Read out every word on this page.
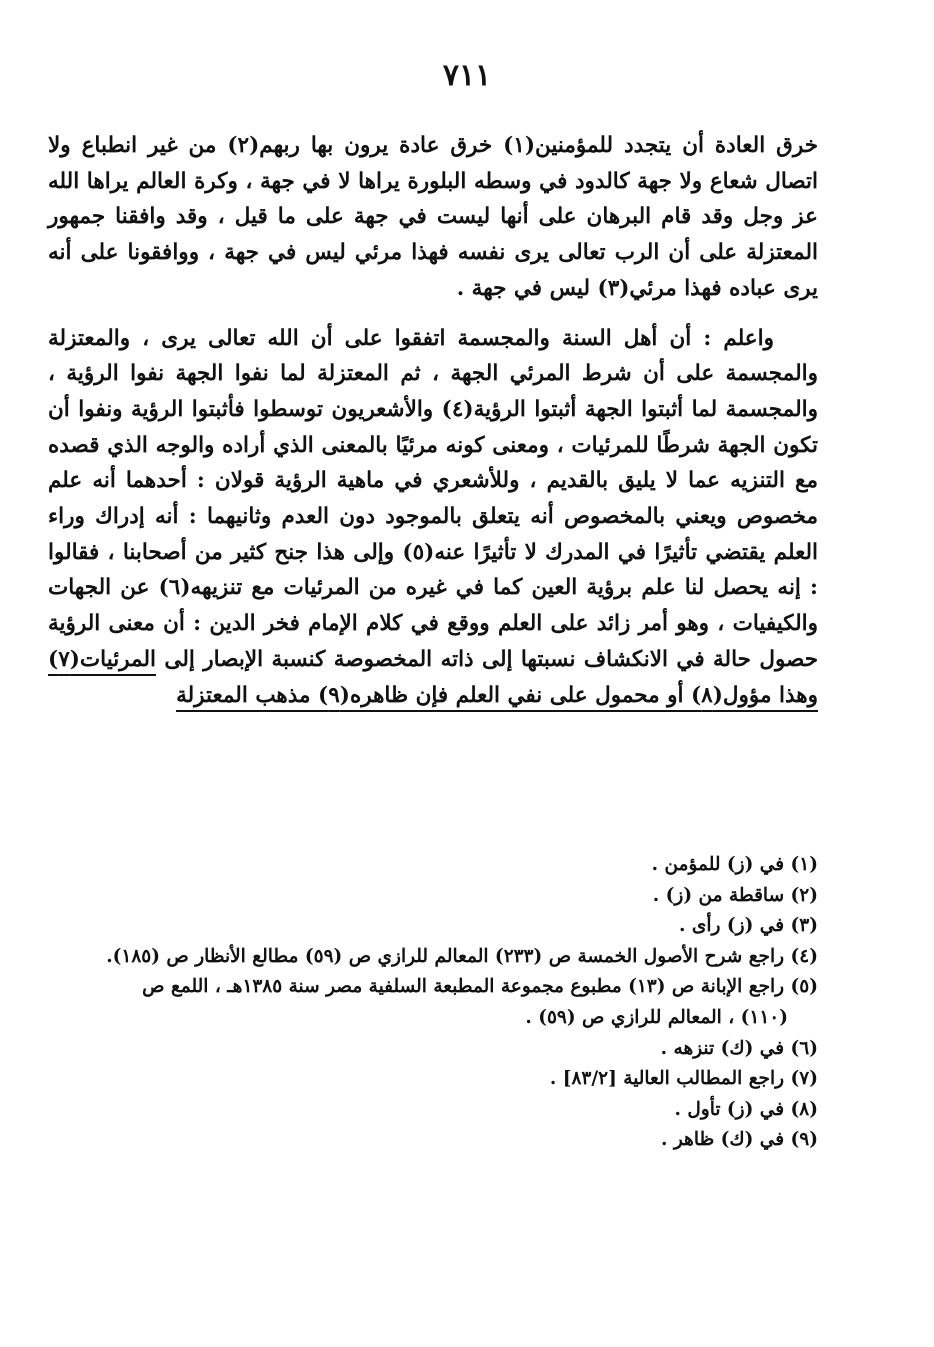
٧١١

خرق العادة أن يتجدد للمؤمنين(١) خرق عادة يرون بها ربهم(٢) من غير انطباع ولا اتصال شعاع ولا جهة كالدود في وسطه البلورة يراها لا في جهة ، وكرة العالم يراها الله عز وجل وقد قام البرهان على أنها ليست في جهة على ما قيل ، وقد وافقنا جمهور المعتزلة على أن الرب تعالى يرى نفسه فهذا مرئي ليس في جهة ، ووافقونا على أنه يرى عباده فهذا مرئي(٣) ليس في جهة .

واعلم : أن أهل السنة والمجسمة اتفقوا على أن الله تعالى يرى ، والمعتزلة والمجسمة على أن شرط المرئي الجهة ، ثم المعتزلة لما نفوا الجهة نفوا الرؤية ، والمجسمة لما أثبتوا الجهة أثبتوا الرؤية(٤) والأشعريون توسطوا فأثبتوا الرؤية ونفوا أن تكون الجهة شرطًا للمرئيات ، ومعنى كونه مرئيًا بالمعنى الذي أراده والوجه الذي قصده مع التنزيه عما لا يليق بالقديم ، وللأشعري في ماهية الرؤية قولان : أحدهما أنه علم مخصوص ويعني بالمخصوص أنه يتعلق بالموجود دون العدم وثانيهما : أنه إدراك وراء العلم يقتضي تأثيرًا في المدرك لا تأثيرًا عنه(٥) وإلى هذا جنح كثير من أصحابنا ، فقالوا : إنه يحصل لنا علم برؤية العين كما في غيره من المرئيات مع تنزيهه(٦) عن الجهات والكيفيات ، وهو أمر زائد على العلم ووقع في كلام الإمام فخر الدين : أن معنى الرؤية حصول حالة في الانكشاف نسبتها إلى ذاته المخصوصة كنسبة الإبصار إلى المرئيات(٧) وهذا مؤول(٨) أو محمول على نفي العلم فإن ظاهره(٩) مذهب المعتزلة

(١) في (ز) للمؤمن .

(٢) ساقطة من (ز) .

(٣) في (ز) رأى .

(٤) راجع شرح الأصول الخمسة ص (٢٣٣) المعالم للرازي ص (٥٩) مطالع الأنظار ص (١٨٥).

(٥) راجع الإبانة ص (١٣) مطبوع مجموعة المطبعة السلفية مصر سنة ١٣٨٥هـ ، اللمع ص
(١١٠) ، المعالم للرازي ص (٥٩) .

(٦) في (ك) تنزهه .

(٧) راجع المطالب العالية [٨٣/٢] .

(٨) في (ز) تأول .

(٩) في (ك) ظاهر .
